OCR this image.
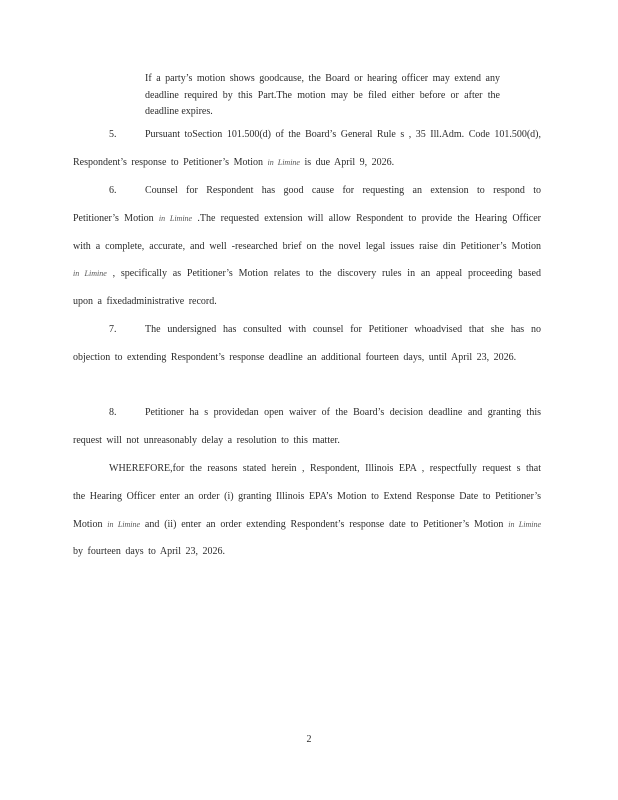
If a party’s motion shows goodcause, the Board or hearing officer may extend any deadline required by this Part.The motion may be filed either before or after the deadline expires.
5.	Pursuant toSection 101.500(d) of the Board’s General Rule s , 35 Ill.Adm. Code 101.500(d), Respondent’s response to Petitioner’s Motion in Limine is due April 9, 2026.
6.	Counsel for Respondent has good cause for requesting an extension to respond to Petitioner’s Motion in Limine .The requested extension will allow Respondent to provide the Hearing Officer with a complete, accurate, and well -researched brief on the novel legal issues raise din Petitioner’s Motion in Limine , specifically as Petitioner’s Motion relates to the discovery rules in an appeal proceeding based upon a fixedadministrative record.
7.	The undersigned has consulted with counsel for Petitioner whoadvised that she has no objection to extending Respondent’s response deadline an additional fourteen days, until April 23, 2026.
8.	Petitioner ha s providedan open waiver of the Board’s decision deadline and granting this request will not unreasonably delay a resolution to this matter.
WHEREFORE,for the reasons stated herein , Respondent, Illinois EPA , respectfully request s that the Hearing Officer enter an order (i) granting Illinois EPA’s Motion to Extend Response Date to Petitioner’s Motion in Limine and (ii) enter an order extending Respondent’s response date to Petitioner’s Motion in Limine by fourteen days to April 23, 2026.
2
